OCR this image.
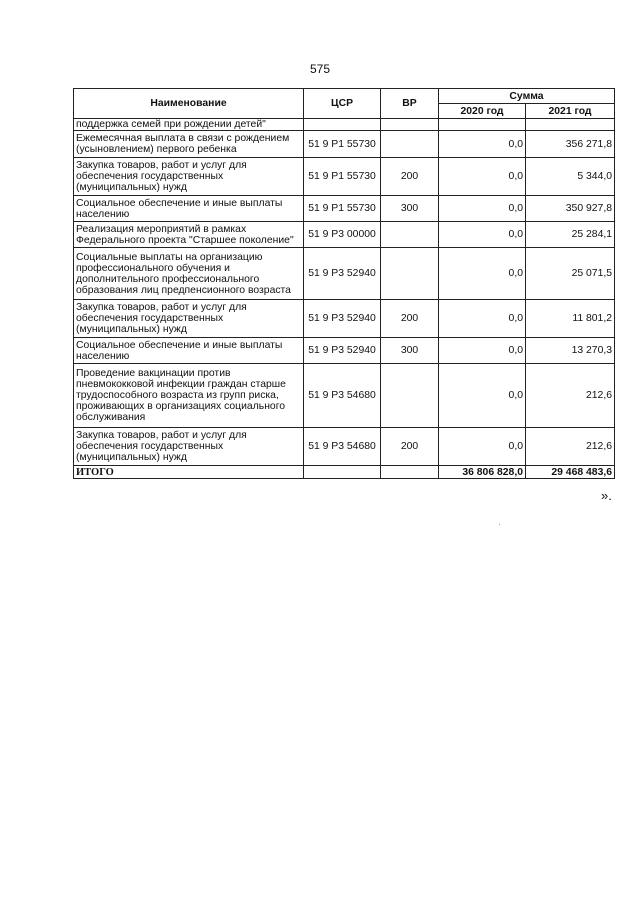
575
Наименование	ЦСР	ВР	Сумма	
			2020 год	2021 год
поддержка семей при рождении детей"				
Ежемесячная выплата в связи с рождением (усыновлением) первого ребенка	51 9 P1 55730		0,0	356 271,8
Закупка товаров, работ и услуг для обеспечения государственных (муниципальных) нужд	51 9 P1 55730	200	0,0	5 344,0
Социальное обеспечение и иные выплаты населению	51 9 P1 55730	300	0,0	350 927,8
Реализация мероприятий в рамках Федерального проекта "Старшее поколение"	51 9 P3 00000		0,0	25 284,1
Социальные выплаты на организацию профессионального обучения и дополнительного профессионального образования лиц предпенсионного возраста	51 9 P3 52940		0,0	25 071,5
Закупка товаров, работ и услуг для обеспечения государственных (муниципальных) нужд	51 9 P3 52940	200	0,0	11 801,2
Социальное обеспечение и иные выплаты населению	51 9 P3 52940	300	0,0	13 270,3
Проведение вакцинации против пневмококковой инфекции граждан старше трудоспособного возраста из групп риска, проживающих в организациях социального обслуживания	51 9 P3 54680		0,0	212,6
Закупка товаров, работ и услуг для обеспечения государственных (муниципальных) нужд	51 9 P3 54680	200	0,0	212,6
ИТОГО			36 806 828,0	29 468 483,6
».
